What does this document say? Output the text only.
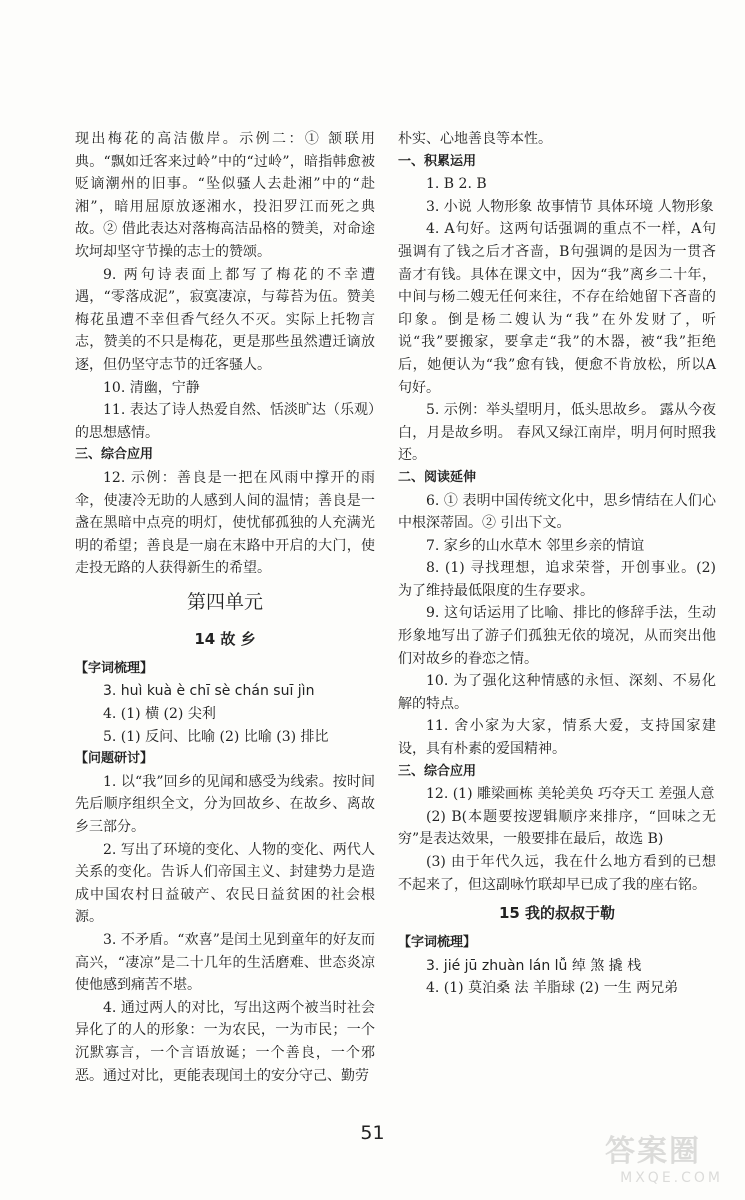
现出梅花的高洁傲岸。示例二：① 颔联用典。“飘如迁客来过岭”中的“过岭”，暗指韩愈被贬谪潮州的旧事。“坠似骚人去赴湘”中的“赴湘”，暗用屈原放逐湘水，投汨罗江而死之典故。② 借此表达对落梅高洁品格的赞美，对命途坎坷却坚守节操的志士的赞颂。

9. 两句诗表面上都写了梅花的不幸遭遇，“零落成泥”，寂寞凄凉，与莓苔为伍。赞美梅花虽遭不幸但香气经久不灭。实际上托物言志，赞美的不只是梅花，更是那些虽然遭迁谪放逐，但仍坚守志节的迁客骚人。

10. 清幽，宁静

11. 表达了诗人热爱自然、恬淡旷达（乐观）的思想感情。

三、综合应用

12. 示例：善良是一把在风雨中撑开的雨伞，使凄冷无助的人感到人间的温情；善良是一盏在黑暗中点亮的明灯，使忧郁孤独的人充满光明的希望；善良是一扇在末路中开启的大门，使走投无路的人获得新生的希望。

第四单元
14 故 乡

【字词梳理】

3. huì kuà è chī sè chán suī jìn

4. (1) 横 (2) 尖利

5. (1) 反问、比喻 (2) 比喻 (3) 排比

【问题研讨】

1. 以“我”回乡的见闻和感受为线索。按时间先后顺序组织全文，分为回故乡、在故乡、离故乡三部分。

2. 写出了环境的变化、人物的变化、两代人关系的变化。告诉人们帝国主义、封建势力是造成中国农村日益破产、农民日益贫困的社会根源。

3. 不矛盾。“欢喜”是闰土见到童年的好友而高兴，“凄凉”是二十几年的生活磨难、世态炎凉使他感到痛苦不堪。

4. 通过两人的对比，写出这两个被当时社会异化了的人的形象：一为农民，一为市民；一个沉默寡言，一个言语放诞；一个善良，一个邪恶。通过对比，更能表现闰土的安分守己、勤劳

朴实、心地善良等本性。

一、积累运用

1. B 2. B

3. 小说 人物形象 故事情节 具体环境 人物形象

4. A句好。这两句话强调的重点不一样，A句强调有了钱之后才吝啬，B句强调的是因为一贯吝啬才有钱。具体在课文中，因为“我”离乡二十年，中间与杨二嫂无任何来往，不存在给她留下吝啬的印象。倒是杨二嫂认为“我”在外发财了，听说“我”要搬家，要拿走“我”的木器，被“我”拒绝后，她便认为“我”愈有钱，便愈不肯放松，所以A句好。

5. 示例：举头望明月，低头思故乡。 露从今夜白，月是故乡明。 春风又绿江南岸，明月何时照我还。

二、阅读延伸

6. ① 表明中国传统文化中，思乡情结在人们心中根深蒂固。② 引出下文。

7. 家乡的山水草木 邻里乡亲的情谊

8. (1) 寻找理想，追求荣誉，开创事业。(2) 为了维持最低限度的生存要求。

9. 这句话运用了比喻、排比的修辞手法，生动形象地写出了游子们孤独无依的境况，从而突出他们对故乡的眷恋之情。

10. 为了强化这种情感的永恒、深刻、不易化解的特点。

11. 舍小家为大家，情系大爱，支持国家建设，具有朴素的爱国精神。

三、综合应用

12. (1) 雕梁画栋 美轮美奂 巧夺天工 差强人意

(2) B(本题要按逻辑顺序来排序，“回味之无穷”是表达效果，一般要排在最后，故选 B)

(3) 由于年代久远，我在什么地方看到的已想不起来了，但这副咏竹联却早已成了我的座右铭。

15 我的叔叔于勒

【字词梳理】

3. jié jū zhuàn lán lǚ 绰 煞 撬 栈

4. (1) 莫泊桑 法 羊脂球 (2) 一生 两兄弟

51
答案圈
MXQE.COM
